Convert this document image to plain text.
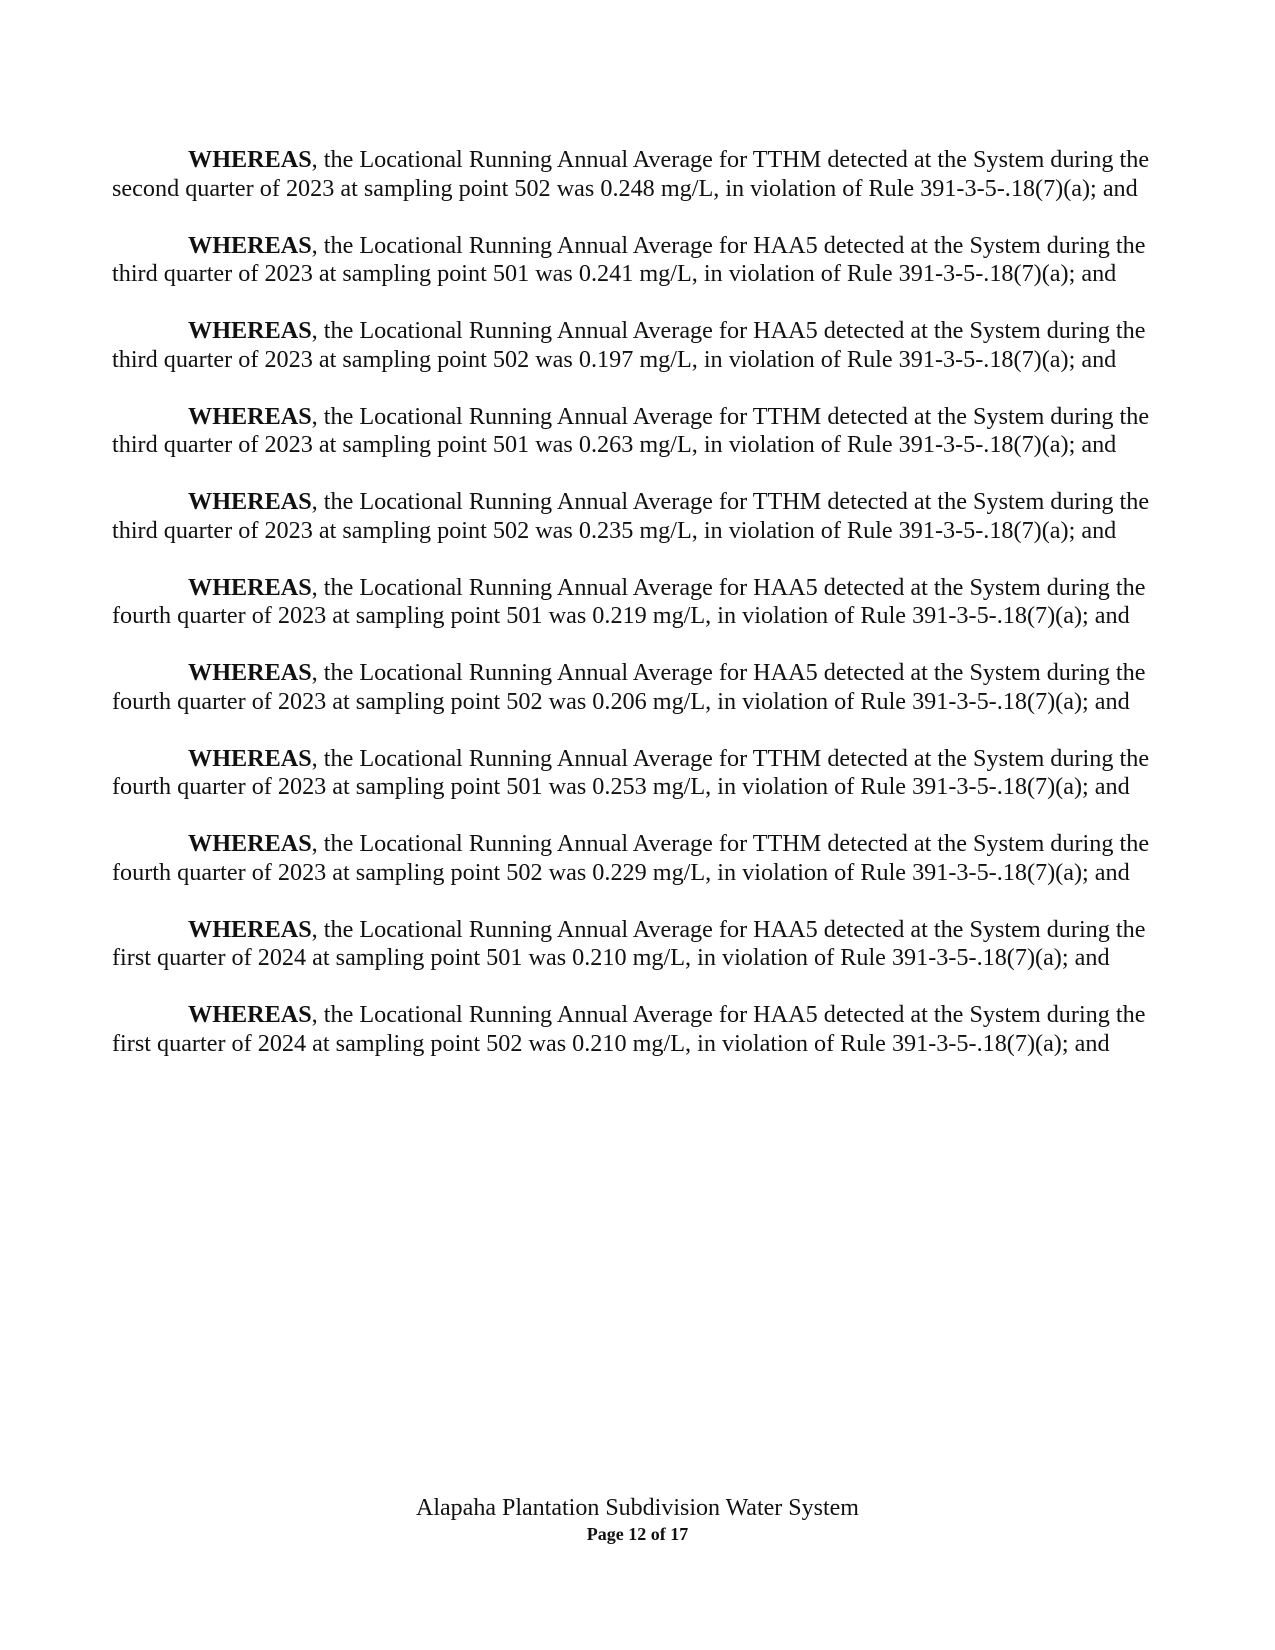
WHEREAS, the Locational Running Annual Average for TTHM detected at the System during the second quarter of 2023 at sampling point 502 was 0.248 mg/L, in violation of Rule 391-3-5-.18(7)(a); and

WHEREAS, the Locational Running Annual Average for HAA5 detected at the System during the third quarter of 2023 at sampling point 501 was 0.241 mg/L, in violation of Rule 391-3-5-.18(7)(a); and

WHEREAS, the Locational Running Annual Average for HAA5 detected at the System during the third quarter of 2023 at sampling point 502 was 0.197 mg/L, in violation of Rule 391-3-5-.18(7)(a); and

WHEREAS, the Locational Running Annual Average for TTHM detected at the System during the third quarter of 2023 at sampling point 501 was 0.263 mg/L, in violation of Rule 391-3-5-.18(7)(a); and

WHEREAS, the Locational Running Annual Average for TTHM detected at the System during the third quarter of 2023 at sampling point 502 was 0.235 mg/L, in violation of Rule 391-3-5-.18(7)(a); and

WHEREAS, the Locational Running Annual Average for HAA5 detected at the System during the fourth quarter of 2023 at sampling point 501 was 0.219 mg/L, in violation of Rule 391-3-5-.18(7)(a); and

WHEREAS, the Locational Running Annual Average for HAA5 detected at the System during the fourth quarter of 2023 at sampling point 502 was 0.206 mg/L, in violation of Rule 391-3-5-.18(7)(a); and

WHEREAS, the Locational Running Annual Average for TTHM detected at the System during the fourth quarter of 2023 at sampling point 501 was 0.253 mg/L, in violation of Rule 391-3-5-.18(7)(a); and

WHEREAS, the Locational Running Annual Average for TTHM detected at the System during the fourth quarter of 2023 at sampling point 502 was 0.229 mg/L, in violation of Rule 391-3-5-.18(7)(a); and

WHEREAS, the Locational Running Annual Average for HAA5 detected at the System during the first quarter of 2024 at sampling point 501 was 0.210 mg/L, in violation of Rule 391-3-5-.18(7)(a); and

WHEREAS, the Locational Running Annual Average for HAA5 detected at the System during the first quarter of 2024 at sampling point 502 was 0.210 mg/L, in violation of Rule 391-3-5-.18(7)(a); and

Alapaha Plantation Subdivision Water System
Page 12 of 17
